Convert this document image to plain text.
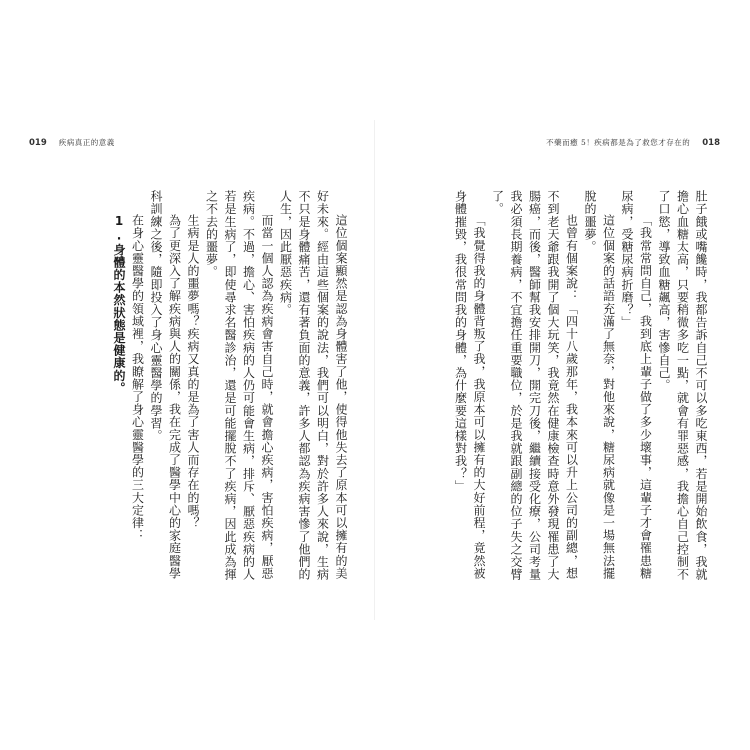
019 疾病真正的意義	不藥而癒 5！疾病都是為了救您才存在的 018

肚子餓或嘴饞時，我都告訴自己不可以多吃東西，若是開始飲食，我就擔心血糖太高，只要稍微多吃一點，就會有罪惡感，我擔心自己控制不了口慾，導致血糖飆高，害慘自己。

「我常常問自己，我到底上輩子做了多少壞事，這輩子才會罹患糖尿病，受糖尿病折磨？」

這位個案的話語充滿了無奈，對他來說，糖尿病就像是一場無法擺脫的噩夢。

也曾有個案說：「四十八歲那年，我本來可以升上公司的副總，想不到老天爺跟我開了個大玩笑，我竟然在健康檢查時意外發現罹患了大腸癌，而後，醫師幫我安排開刀，開完刀後，繼續接受化療，公司考量我必須長期養病，不宜擔任重要職位，於是我就跟副總的位子失之交臂了。

「我覺得我的身體背叛了我，我原本可以擁有的大好前程，竟然被身體摧毀，我很常問我的身體，為什麼要這樣對我？」

這位個案顯然是認為身體害了他，使得他失去了原本可以擁有的美好未來。經由這些個案的說法，我們可以明白，對於許多人來說，生病不只是身體痛苦，還有著負面的意義，許多人都認為疾病害慘了他們的人生，因此厭惡疾病。

而當一個人認為疾病會害自己時，就會擔心疾病，害怕疾病，厭惡疾病。不過，擔心、害怕疾病的人仍可能會生病，排斥、厭惡疾病的人若是生病了，即使尋求名醫診治，還是可能擺脫不了疾病，因此成為揮之不去的噩夢。

生病是人的噩夢嗎？疾病又真的是為了害人而存在的嗎？

為了更深入了解疾病與人的關係，我在完成了醫學中心的家庭醫學科訓練之後，隨即投入了身心靈醫學的學習。

在身心靈醫學的領域裡，我瞭解了身心靈醫學的三大定律：

1.身體的本然狀態是健康的。
